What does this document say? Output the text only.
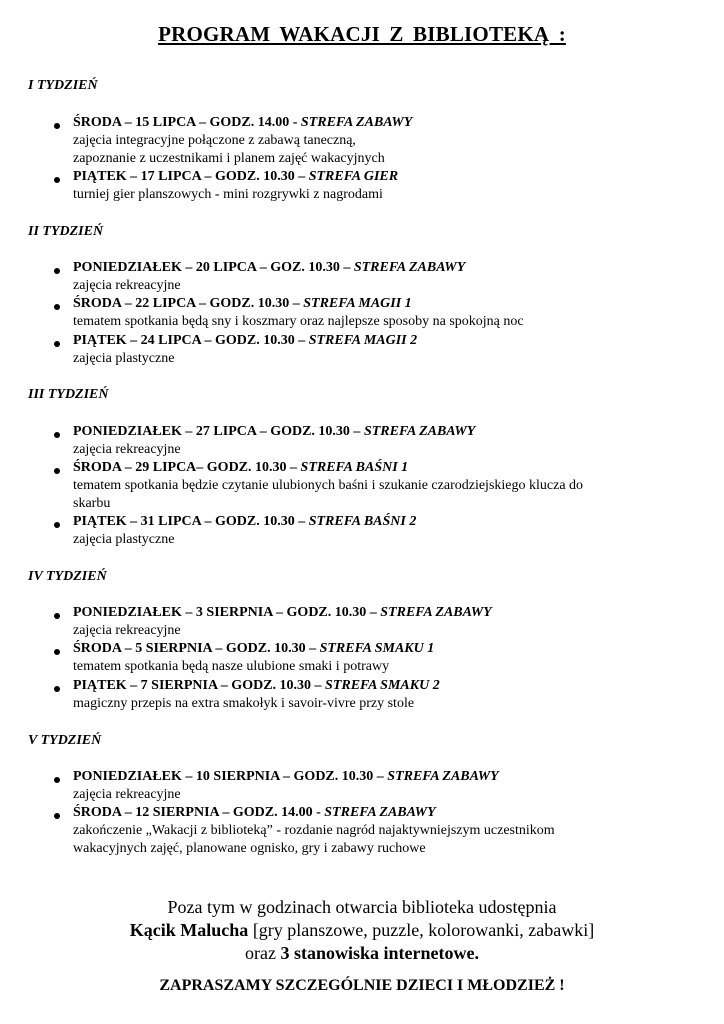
PROGRAM WAKACJI Z BIBLIOTEKĄ :
I TYDZIEŃ
ŚRODA – 15 LIPCA – GODZ. 14.00 - STREFA ZABAWY
zajęcia integracyjne połączone z zabawą taneczną,
zapoznanie z uczestnikami i planem zajęć wakacyjnych
PIĄTEK – 17 LIPCA – GODZ. 10.30 – STREFA GIER
turniej gier planszowych - mini rozgrywki z nagrodami
II TYDZIEŃ
PONIEDZIAŁEK – 20 LIPCA – GOZ. 10.30 – STREFA ZABAWY
zajęcia rekreacyjne
ŚRODA – 22 LIPCA – GODZ. 10.30 – STREFA MAGII 1
tematem spotkania będą sny i koszmary oraz najlepsze sposoby na spokojną noc
PIĄTEK – 24 LIPCA – GODZ. 10.30 – STREFA MAGII 2
zajęcia plastyczne
III TYDZIEŃ
PONIEDZIAŁEK – 27 LIPCA – GODZ. 10.30 – STREFA ZABAWY
zajęcia rekreacyjne
ŚRODA – 29 LIPCA– GODZ. 10.30 – STREFA BAŚNI 1
tematem spotkania będzie czytanie ulubionych baśni i szukanie czarodziejskiego klucza do
skarbu
PIĄTEK – 31 LIPCA – GODZ. 10.30 – STREFA BAŚNI 2
zajęcia plastyczne
IV TYDZIEŃ
PONIEDZIAŁEK – 3 SIERPNIA – GODZ. 10.30 – STREFA ZABAWY
zajęcia rekreacyjne
ŚRODA – 5 SIERPNIA – GODZ. 10.30 – STREFA SMAKU 1
tematem spotkania będą nasze ulubione smaki i potrawy
PIĄTEK – 7 SIERPNIA – GODZ. 10.30 – STREFA SMAKU 2
magiczny przepis na extra smakołyk i savoir-vivre przy stole
V TYDZIEŃ
PONIEDZIAŁEK – 10 SIERPNIA – GODZ. 10.30 – STREFA ZABAWY
zajęcia rekreacyjne
ŚRODA – 12 SIERPNIA – GODZ. 14.00 - STREFA ZABAWY
zakończenie „Wakacji z biblioteką” - rozdanie nagród najaktywniejszym uczestnikom
wakacyjnych zajęć, planowane ognisko, gry i zabawy ruchowe
Poza tym w godzinach otwarcia biblioteka udostępnia
Kącik Malucha [gry planszowe, puzzle, kolorowanki, zabawki]
oraz 3 stanowiska internetowe.
ZAPRASZAMY SZCZEGÓLNIE DZIECI I MŁODZIEŻ !
